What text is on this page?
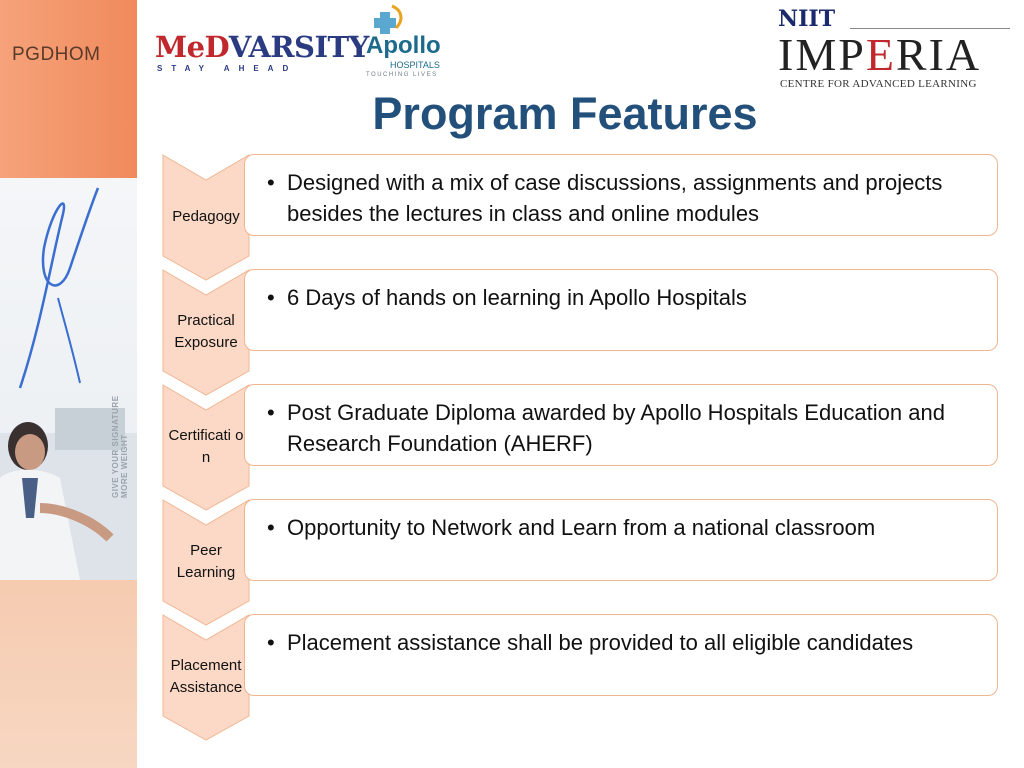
PGDHOM
GIVE YOUR SIGNATURE MORE WEIGHT
MeDVARSITY
STAY AHEAD
Apollo
HOSPITALS
TOUCHING LIVES
NIIT
IMPERIA
CENTRE FOR ADVANCED LEARNING
Program Features
Pedagogy
• Designed with a mix of case discussions, assignments and projects besides the lectures in class and online modules
Practical Exposure
• 6 Days of hands on learning in Apollo Hospitals
Certificati on
• Post Graduate Diploma awarded by Apollo Hospitals Education and Research Foundation (AHERF)
Peer Learning
• Opportunity to Network and Learn from a national classroom
Placement Assistance
• Placement assistance shall be provided to all eligible candidates
